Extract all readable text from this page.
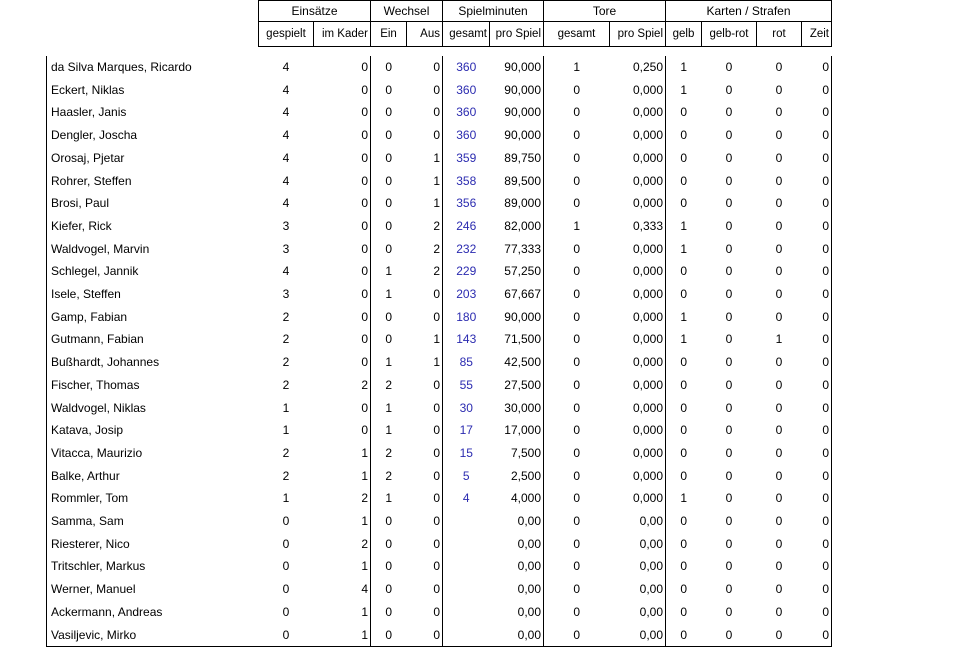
	Einsätze		Wechsel		Spielminuten		Tore		Karten / Strafen			
	gespielt	im Kader	Ein	Aus	gesamt	pro Spiel	gesamt	pro Spiel	gelb	gelb-rot	rot	Zeit

da Silva Marques, Ricardo	4	0	0	0	360	90,000	1	0,250	1	0	0	0
Eckert, Niklas	4	0	0	0	360	90,000	0	0,000	1	0	0	0
Haasler, Janis	4	0	0	0	360	90,000	0	0,000	0	0	0	0
Dengler, Joscha	4	0	0	0	360	90,000	0	0,000	0	0	0	0
Orosaj, Pjetar	4	0	0	1	359	89,750	0	0,000	0	0	0	0
Rohrer, Steffen	4	0	0	1	358	89,500	0	0,000	0	0	0	0
Brosi, Paul	4	0	0	1	356	89,000	0	0,000	0	0	0	0
Kiefer, Rick	3	0	0	2	246	82,000	1	0,333	1	0	0	0
Waldvogel, Marvin	3	0	0	2	232	77,333	0	0,000	1	0	0	0
Schlegel, Jannik	4	0	1	2	229	57,250	0	0,000	0	0	0	0
Isele, Steffen	3	0	1	0	203	67,667	0	0,000	0	0	0	0
Gamp, Fabian	2	0	0	0	180	90,000	0	0,000	1	0	0	0
Gutmann, Fabian	2	0	0	1	143	71,500	0	0,000	1	0	1	0
Bußhardt, Johannes	2	0	1	1	85	42,500	0	0,000	0	0	0	0
Fischer, Thomas	2	2	2	0	55	27,500	0	0,000	0	0	0	0
Waldvogel, Niklas	1	0	1	0	30	30,000	0	0,000	0	0	0	0
Katava, Josip	1	0	1	0	17	17,000	0	0,000	0	0	0	0
Vitacca, Maurizio	2	1	2	0	15	7,500	0	0,000	0	0	0	0
Balke, Arthur	2	1	2	0	5	2,500	0	0,000	0	0	0	0
Rommler, Tom	1	2	1	0	4	4,000	0	0,000	1	0	0	0
Samma, Sam	0	1	0	0		0,00	0	0,00	0	0	0	0
Riesterer, Nico	0	2	0	0		0,00	0	0,00	0	0	0	0
Tritschler, Markus	0	1	0	0		0,00	0	0,00	0	0	0	0
Werner, Manuel	0	4	0	0		0,00	0	0,00	0	0	0	0
Ackermann, Andreas	0	1	0	0		0,00	0	0,00	0	0	0	0
Vasiljevic, Mirko	0	1	0	0		0,00	0	0,00	0	0	0	0
